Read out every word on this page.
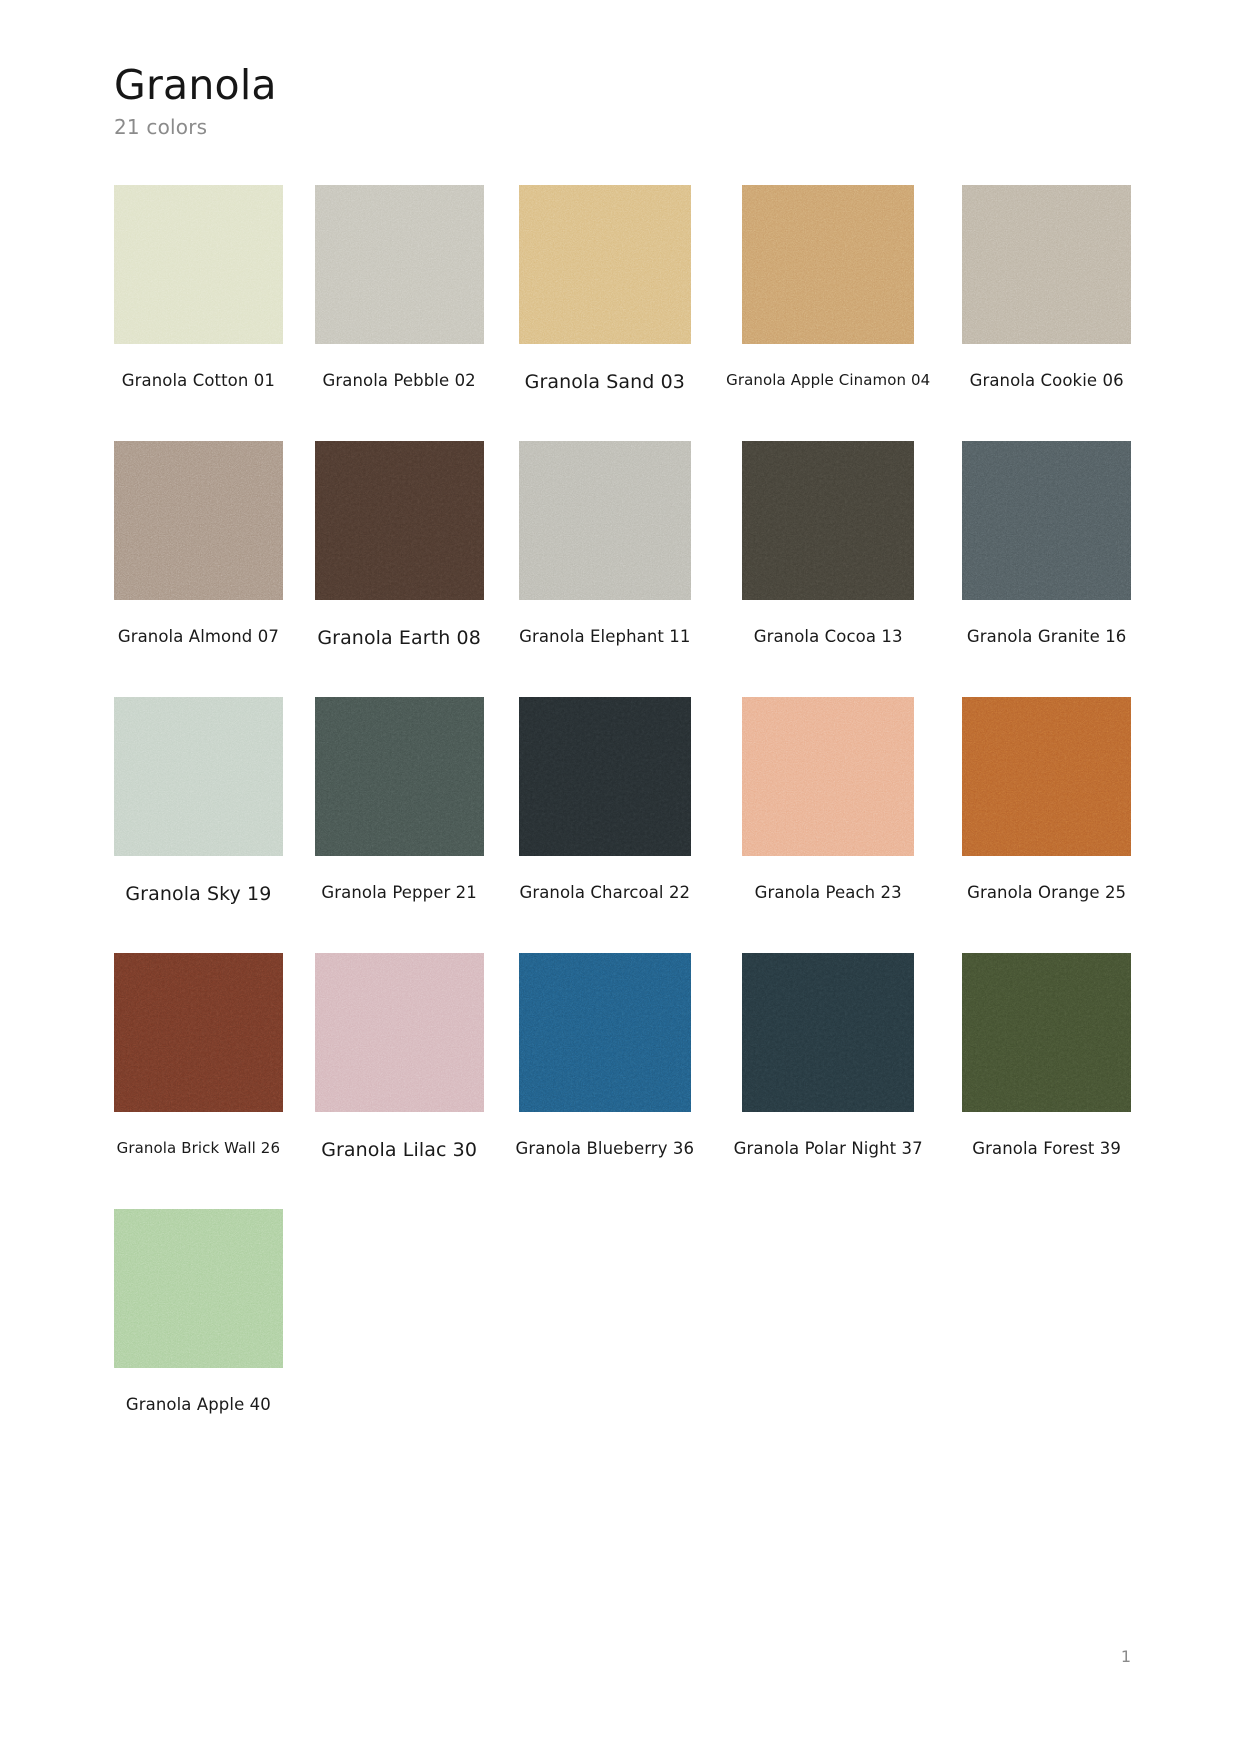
Granola
21 colors
Granola Cotton 01	Granola Pebble 02	Granola Sand 03	Granola Apple Cinamon 04 Granola Cookie 06
Granola Almond 07 Granola Earth 08 Granola Elephant 11	Granola Cocoa 13	Granola Granite 16
Granola Sky 19	Granola Pepper 21	Granola Charcoal 22	Granola Peach 23	Granola Orange 25
Granola Brick Wall 26 Granola Lilac 30 Granola Blueberry 36 Granola Polar Night 37	Granola Forest 39
Granola Apple 40
1
